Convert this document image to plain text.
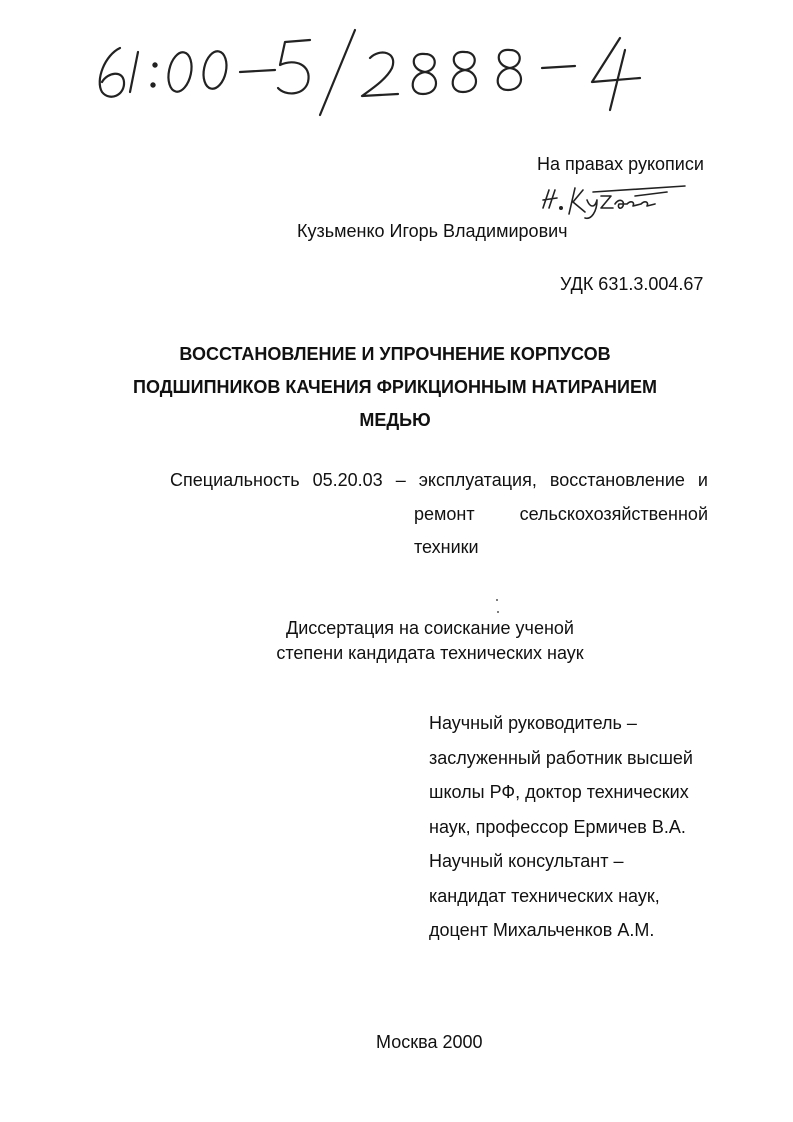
На правах рукописи
Кузьменко Игорь Владимирович
УДК 631.3.004.67
ВОССТАНОВЛЕНИЕ И УПРОЧНЕНИЕ КОРПУСОВ
ПОДШИПНИКОВ КАЧЕНИЯ ФРИКЦИОННЫМ НАТИРАНИЕМ
МЕДЬЮ
Специальность 05.20.03 – эксплуатация, восстановление и
ремонт	сельскохозяйственной
техники
Диссертация на соискание ученой
степени кандидата технических наук
Научный руководитель –
заслуженный работник высшей
школы РФ, доктор технических
наук, профессор Ермичев В.А.
Научный консультант –
кандидат технических наук,
доцент Михальченков А.М.
Москва 2000
